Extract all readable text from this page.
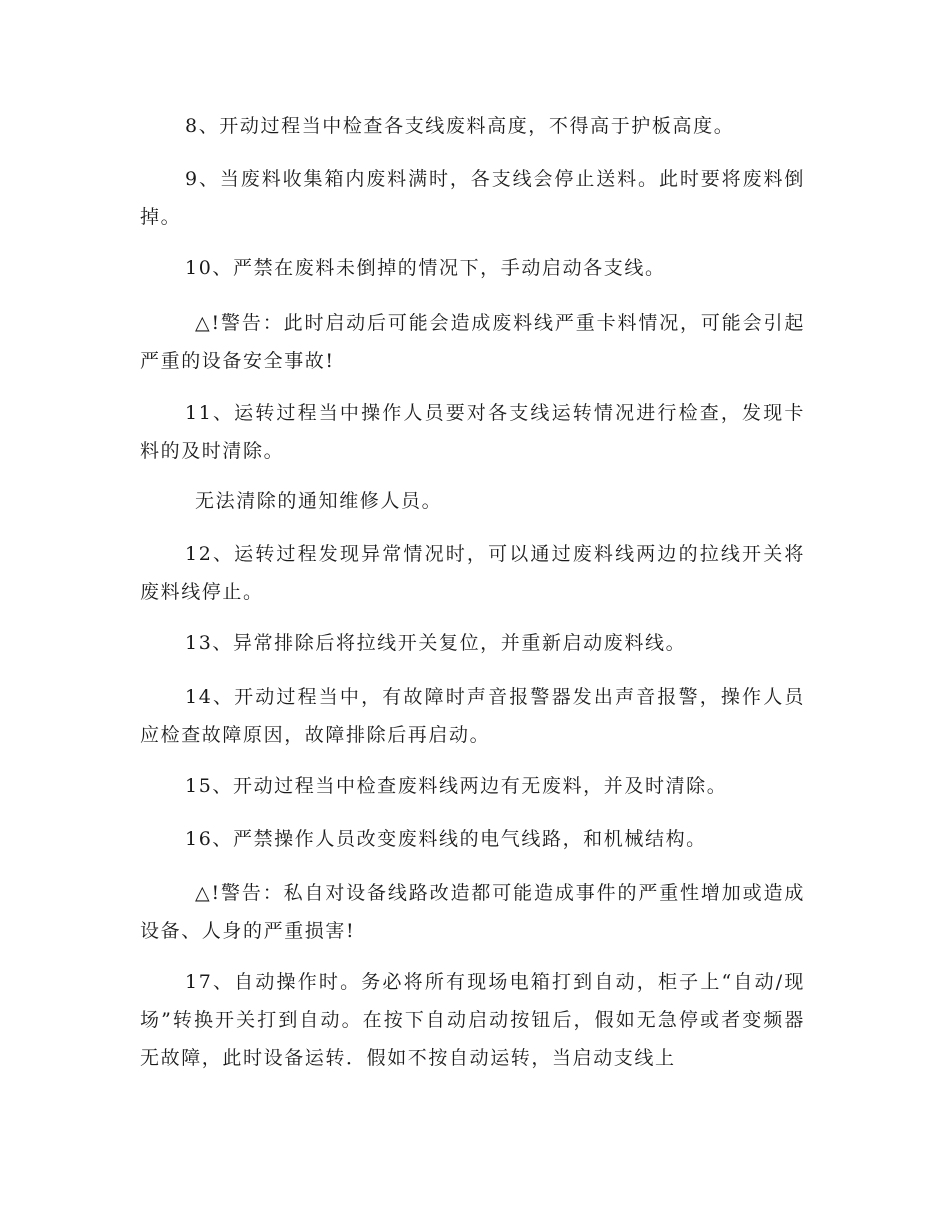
8、开动过程当中检查各支线废料高度，不得高于护板高度。

9、当废料收集箱内废料满时，各支线会停止送料。此时要将废料倒掉。

10、严禁在废料未倒掉的情况下，手动启动各支线。

△!警告：此时启动后可能会造成废料线严重卡料情况，可能会引起严重的设备安全事故!

11、运转过程当中操作人员要对各支线运转情况进行检查，发现卡料的及时清除。

无法清除的通知维修人员。

12、运转过程发现异常情况时，可以通过废料线两边的拉线开关将废料线停止。

13、异常排除后将拉线开关复位，并重新启动废料线。

14、开动过程当中，有故障时声音报警器发出声音报警，操作人员应检查故障原因，故障排除后再启动。

15、开动过程当中检查废料线两边有无废料，并及时清除。

16、严禁操作人员改变废料线的电气线路，和机械结构。

△!警告：私自对设备线路改造都可能造成事件的严重性增加或造成设备、人身的严重损害!

17、自动操作时。务必将所有现场电箱打到自动，柜子上“自动/现场”转换开关打到自动。在按下自动启动按钮后，假如无急停或者变频器无故障，此时设备运转．假如不按自动运转，当启动支线上
